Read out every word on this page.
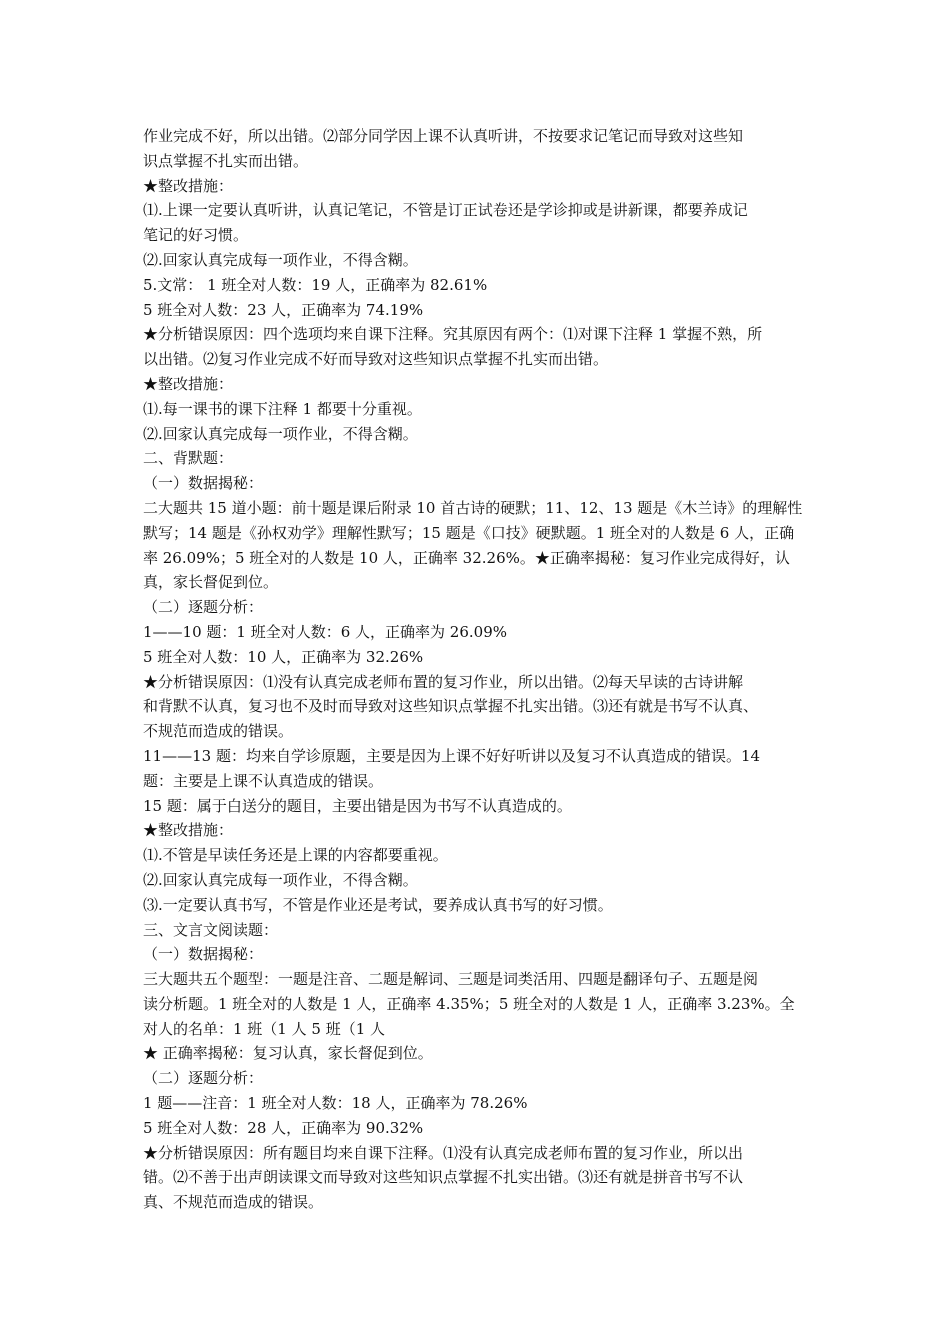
作业完成不好，所以出错。⑵部分同学因上课不认真听讲，不按要求记笔记而导致对这些知

识点掌握不扎实而出错。

★整改措施：

⑴.上课一定要认真听讲，认真记笔记，不管是订正试卷还是学诊抑或是讲新课，都要养成记

笔记的好习惯。

⑵.回家认真完成每一项作业，不得含糊。

5.文常： 1 班全对人数：19 人，正确率为 82.61%

5 班全对人数：23 人，正确率为 74.19%

★分析错误原因：四个选项均来自课下注释。究其原因有两个：⑴对课下注释 1 掌握不熟，所

以出错。⑵复习作业完成不好而导致对这些知识点掌握不扎实而出错。

★整改措施：

⑴.每一课书的课下注释 1 都要十分重视。

⑵.回家认真完成每一项作业，不得含糊。

二、背默题：

（一）数据揭秘：

二大题共 15 道小题：前十题是课后附录 10 首古诗的硬默；11、12、13 题是《木兰诗》的理解性

默写；14 题是《孙权劝学》理解性默写；15 题是《口技》硬默题。1 班全对的人数是 6 人，正确

率 26.09%；5 班全对的人数是 10 人，正确率 32.26%。★正确率揭秘：复习作业完成得好，认

真，家长督促到位。

（二）逐题分析：

1——10 题：1 班全对人数：6 人，正确率为 26.09%

5 班全对人数：10 人，正确率为 32.26%

★分析错误原因：⑴没有认真完成老师布置的复习作业，所以出错。⑵每天早读的古诗讲解

和背默不认真，复习也不及时而导致对这些知识点掌握不扎实出错。⑶还有就是书写不认真、

不规范而造成的错误。

11——13 题：均来自学诊原题，主要是因为上课不好好听讲以及复习不认真造成的错误。14

题：主要是上课不认真造成的错误。

15 题：属于白送分的题目，主要出错是因为书写不认真造成的。

★整改措施：

⑴.不管是早读任务还是上课的内容都要重视。

⑵.回家认真完成每一项作业，不得含糊。

⑶.一定要认真书写，不管是作业还是考试，要养成认真书写的好习惯。

三、文言文阅读题：

（一）数据揭秘：

三大题共五个题型：一题是注音、二题是解词、三题是词类活用、四题是翻译句子、五题是阅

读分析题。1 班全对的人数是 1 人，正确率 4.35%；5 班全对的人数是 1 人，正确率 3.23%。全

对人的名单：1 班（1 人 5 班（1 人

★ 正确率揭秘：复习认真，家长督促到位。

（二）逐题分析：

1 题——注音：1 班全对人数：18 人，正确率为 78.26%

5 班全对人数：28 人，正确率为 90.32%

★分析错误原因：所有题目均来自课下注释。⑴没有认真完成老师布置的复习作业，所以出

错。⑵不善于出声朗读课文而导致对这些知识点掌握不扎实出错。⑶还有就是拼音书写不认

真、不规范而造成的错误。
